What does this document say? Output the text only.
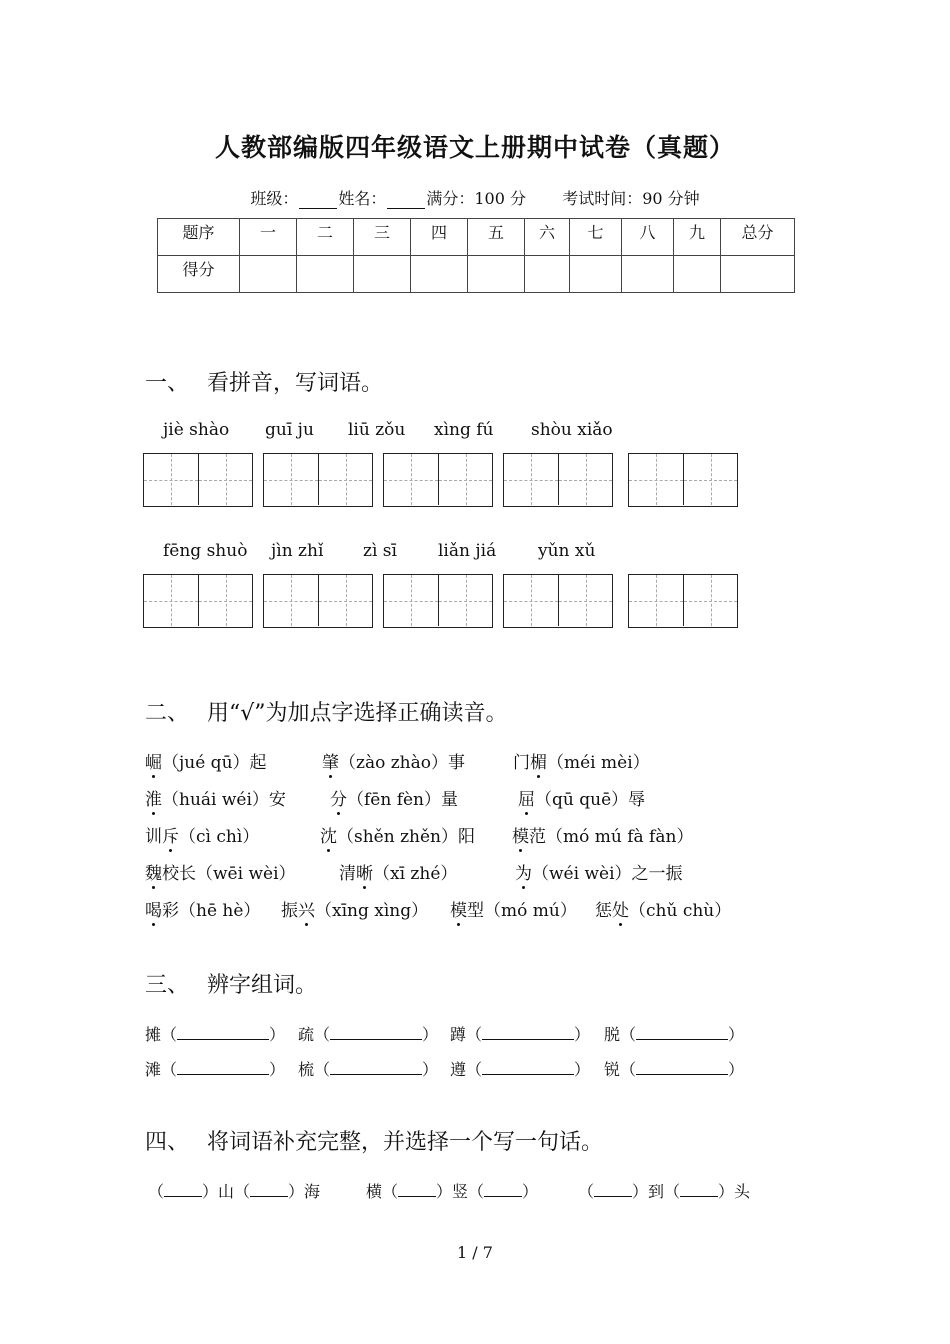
人教部编版四年级语文上册期中试卷（真题）
班级：	姓名：	满分：100 分 考试时间：90 分钟
题序	一	二	三	四	五	六	七	八	九	总分
得分										
一、 看拼音，写词语。
jiè shào guī ju liū zǒu xìng fú shòu xiǎo
fēng shuò jìn zhǐ zì sī liǎn jiá yǔn xǔ
二、 用“√”为加点字选择正确读音。
崛（jué qū）起	肇（zào zhào）事	门楣（méi mèi）
淮（huái wéi）安	分（fēn fèn）量	屈（qū quē）辱
训斥（cì chì）	沈（shěn zhěn）阳 模范（mó mú fà fàn）
魏校长（wēi wèi）	清晰（xī zhé）	为（wéi wèi）之一振
喝彩（hē hè） 振兴（xīng xìng） 模型（mó mú） 惩处（chǔ chù）
三、 辨字组词。
摊（	） 疏（	） 蹲（	） 脱（	）
滩（	） 梳（	） 遵（	） 锐（	）
四、 将词语补充完整，并选择一个写一句话。
（ ）山（ ）海	横（ ）竖（ ） （ ）到（ ）头
1 / 7
